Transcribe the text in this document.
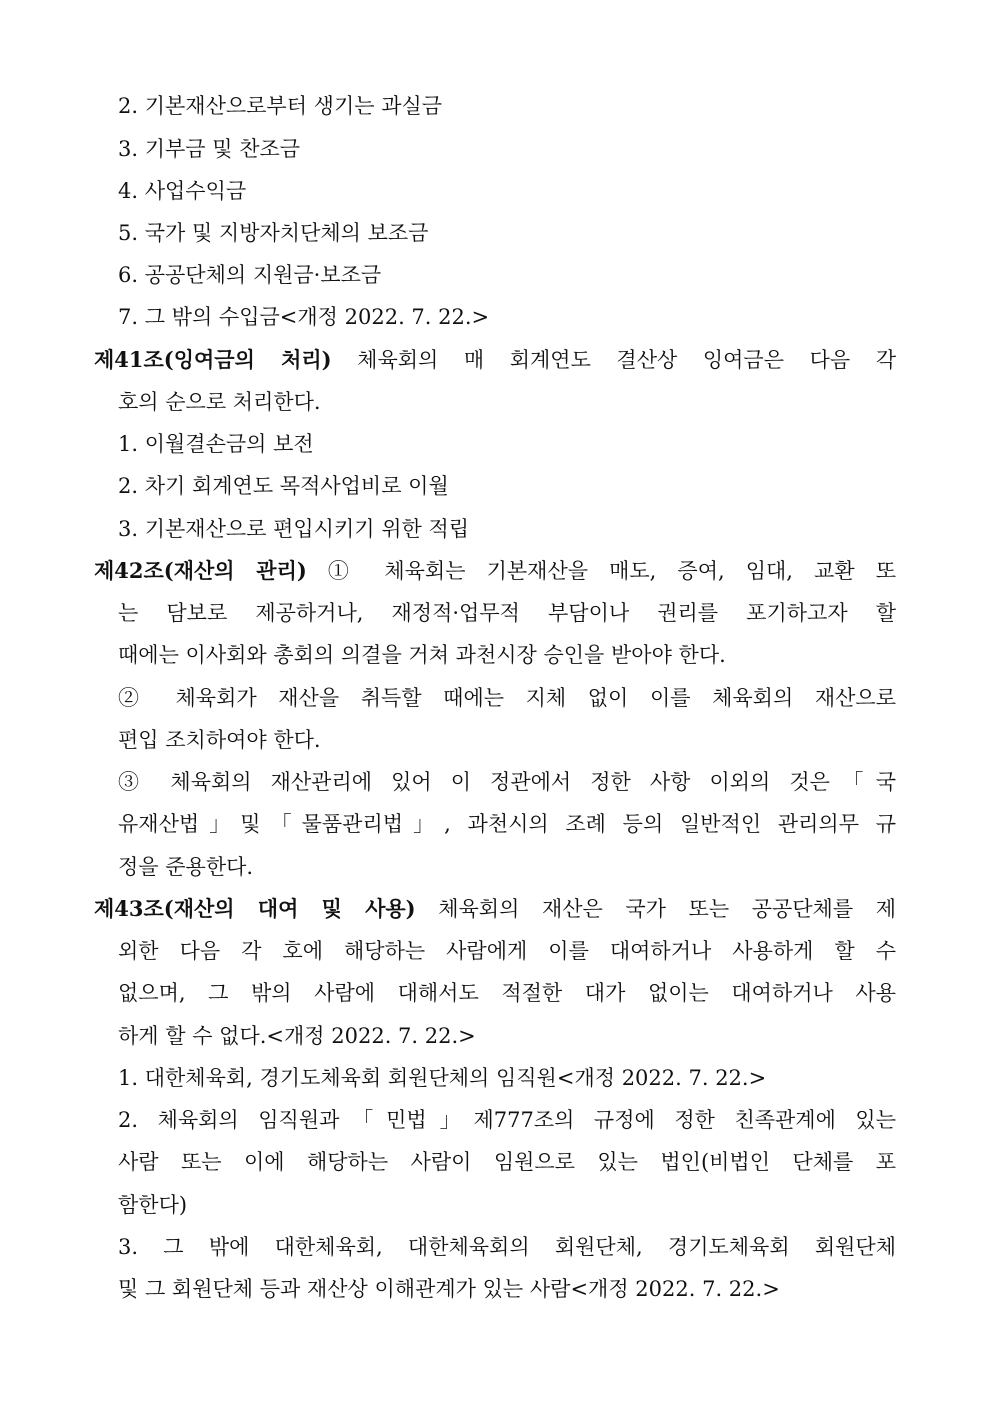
2. 기본재산으로부터 생기는 과실금
3. 기부금 및 찬조금
4. 사업수익금
5. 국가 및 지방자치단체의 보조금
6. 공공단체의 지원금·보조금
7. 그 밖의 수입금<개정 2022. 7. 22.>
제41조(잉여금의 처리) 체육회의 매 회계연도 결산상 잉여금은 다음 각
호의 순으로 처리한다.
1. 이월결손금의 보전
2. 차기 회계연도 목적사업비로 이월
3. 기본재산으로 편입시키기 위한 적립
제42조(재산의 관리) ① 체육회는 기본재산을 매도, 증여, 임대, 교환 또
는 담보로 제공하거나, 재정적·업무적 부담이나 권리를 포기하고자 할
때에는 이사회와 총회의 의결을 거쳐 과천시장 승인을 받아야 한다.
② 체육회가 재산을 취득할 때에는 지체 없이 이를 체육회의 재산으로
편입 조치하여야 한다.
③ 체육회의 재산관리에 있어 이 정관에서 정한 사항 이외의 것은「국
유재산법」및「물품관리법」, 과천시의 조례 등의 일반적인 관리의무 규
정을 준용한다.
제43조(재산의 대여 및 사용) 체육회의 재산은 국가 또는 공공단체를 제
외한 다음 각 호에 해당하는 사람에게 이를 대여하거나 사용하게 할 수
없으며, 그 밖의 사람에 대해서도 적절한 대가 없이는 대여하거나 사용
하게 할 수 없다.<개정 2022. 7. 22.>
1. 대한체육회, 경기도체육회 회원단체의 임직원<개정 2022. 7. 22.>
2. 체육회의 임직원과「민법」제777조의 규정에 정한 친족관계에 있는
사람 또는 이에 해당하는 사람이 임원으로 있는 법인(비법인 단체를 포
함한다)
3. 그 밖에 대한체육회, 대한체육회의 회원단체, 경기도체육회 회원단체
및 그 회원단체 등과 재산상 이해관계가 있는 사람<개정 2022. 7. 22.>
